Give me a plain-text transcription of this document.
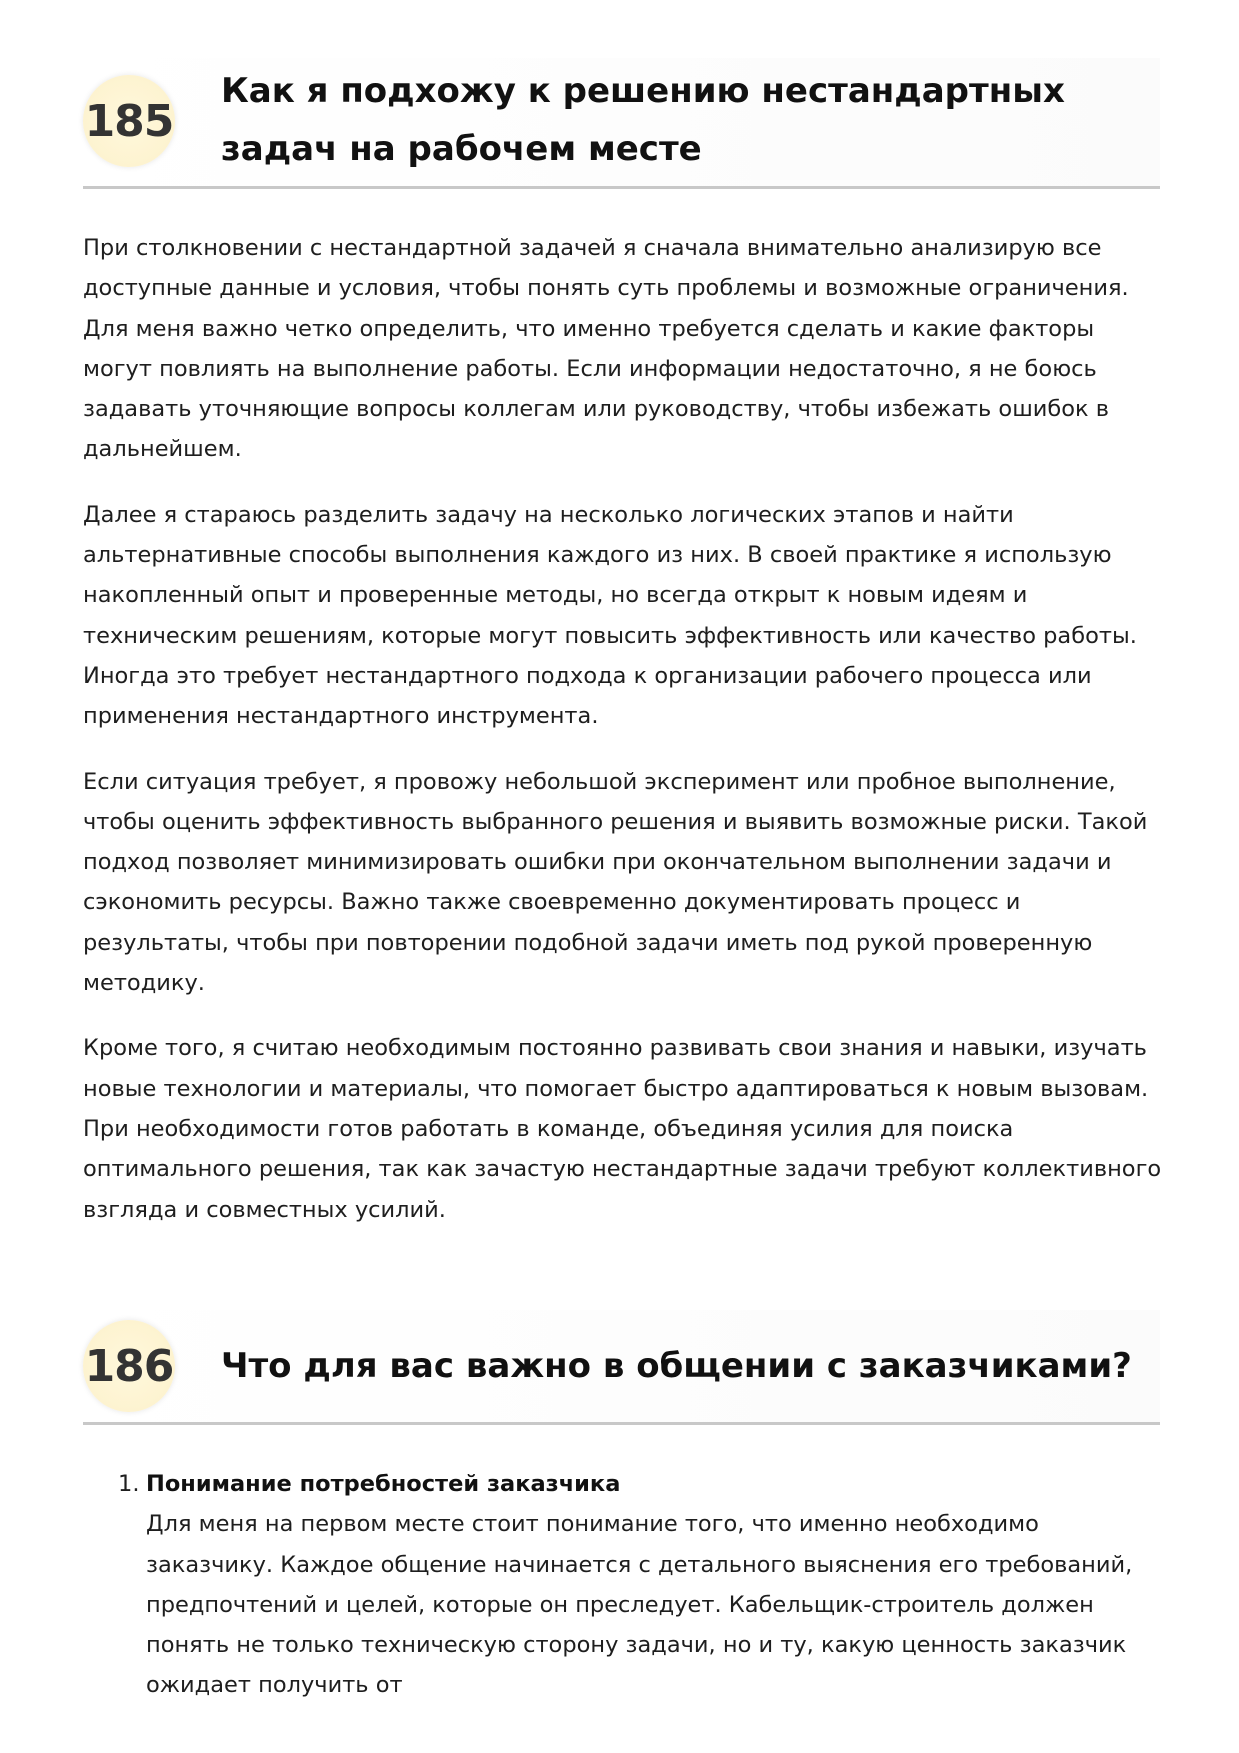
185
Как я подхожу к решению нестандартных задач на рабочем месте

При столкновении с нестандартной задачей я сначала внимательно анализирую все доступные данные и условия, чтобы понять суть проблемы и возможные ограничения. Для меня важно четко определить, что именно требуется сделать и какие факторы могут повлиять на выполнение работы. Если информации недостаточно, я не боюсь задавать уточняющие вопросы коллегам или руководству, чтобы избежать ошибок в дальнейшем.

Далее я стараюсь разделить задачу на несколько логических этапов и найти альтернативные способы выполнения каждого из них. В своей практике я использую накопленный опыт и проверенные методы, но всегда открыт к новым идеям и техническим решениям, которые могут повысить эффективность или качество работы. Иногда это требует нестандартного подхода к организации рабочего процесса или применения нестандартного инструмента.

Если ситуация требует, я провожу небольшой эксперимент или пробное выполнение, чтобы оценить эффективность выбранного решения и выявить возможные риски. Такой подход позволяет минимизировать ошибки при окончательном выполнении задачи и сэкономить ресурсы. Важно также своевременно документировать процесс и результаты, чтобы при повторении подобной задачи иметь под рукой проверенную методику.

Кроме того, я считаю необходимым постоянно развивать свои знания и навыки, изучать новые технологии и материалы, что помогает быстро адаптироваться к новым вызовам. При необходимости готов работать в команде, объединяя усилия для поиска оптимального решения, так как зачастую нестандартные задачи требуют коллективного взгляда и совместных усилий.

186 Что для вас важно в общении с заказчиками?
1. Понимание потребностей заказчика
Для меня на первом месте стоит понимание того, что именно необходимо заказчику. Каждое общение начинается с детального выяснения его требований, предпочтений и целей, которые он преследует. Кабельщик-строитель должен понять не только техническую сторону задачи, но и ту, какую ценность заказчик ожидает получить от
